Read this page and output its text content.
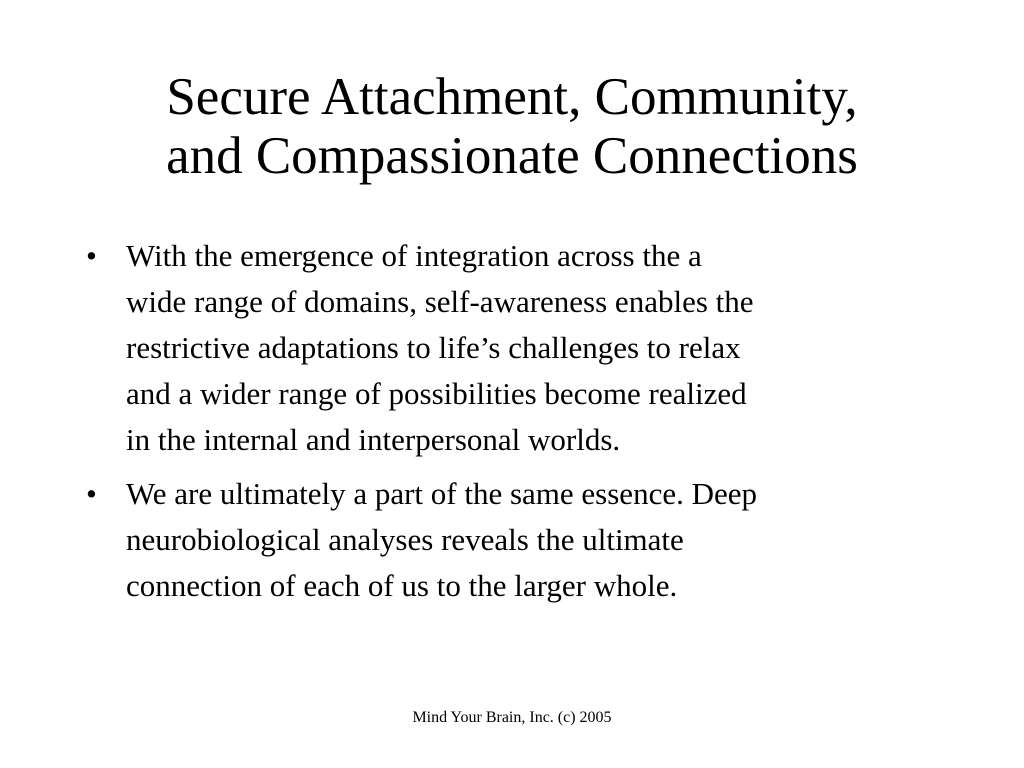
Secure Attachment, Community,
and Compassionate Connections
• With the emergence of integration across the a
wide range of domains, self-awareness enables the
restrictive adaptations to life’s challenges to relax
and a wider range of possibilities become realized
in the internal and interpersonal worlds.
• We are ultimately a part of the same essence. Deep
neurobiological analyses reveals the ultimate
connection of each of us to the larger whole.
Mind Your Brain, Inc. (c) 2005
